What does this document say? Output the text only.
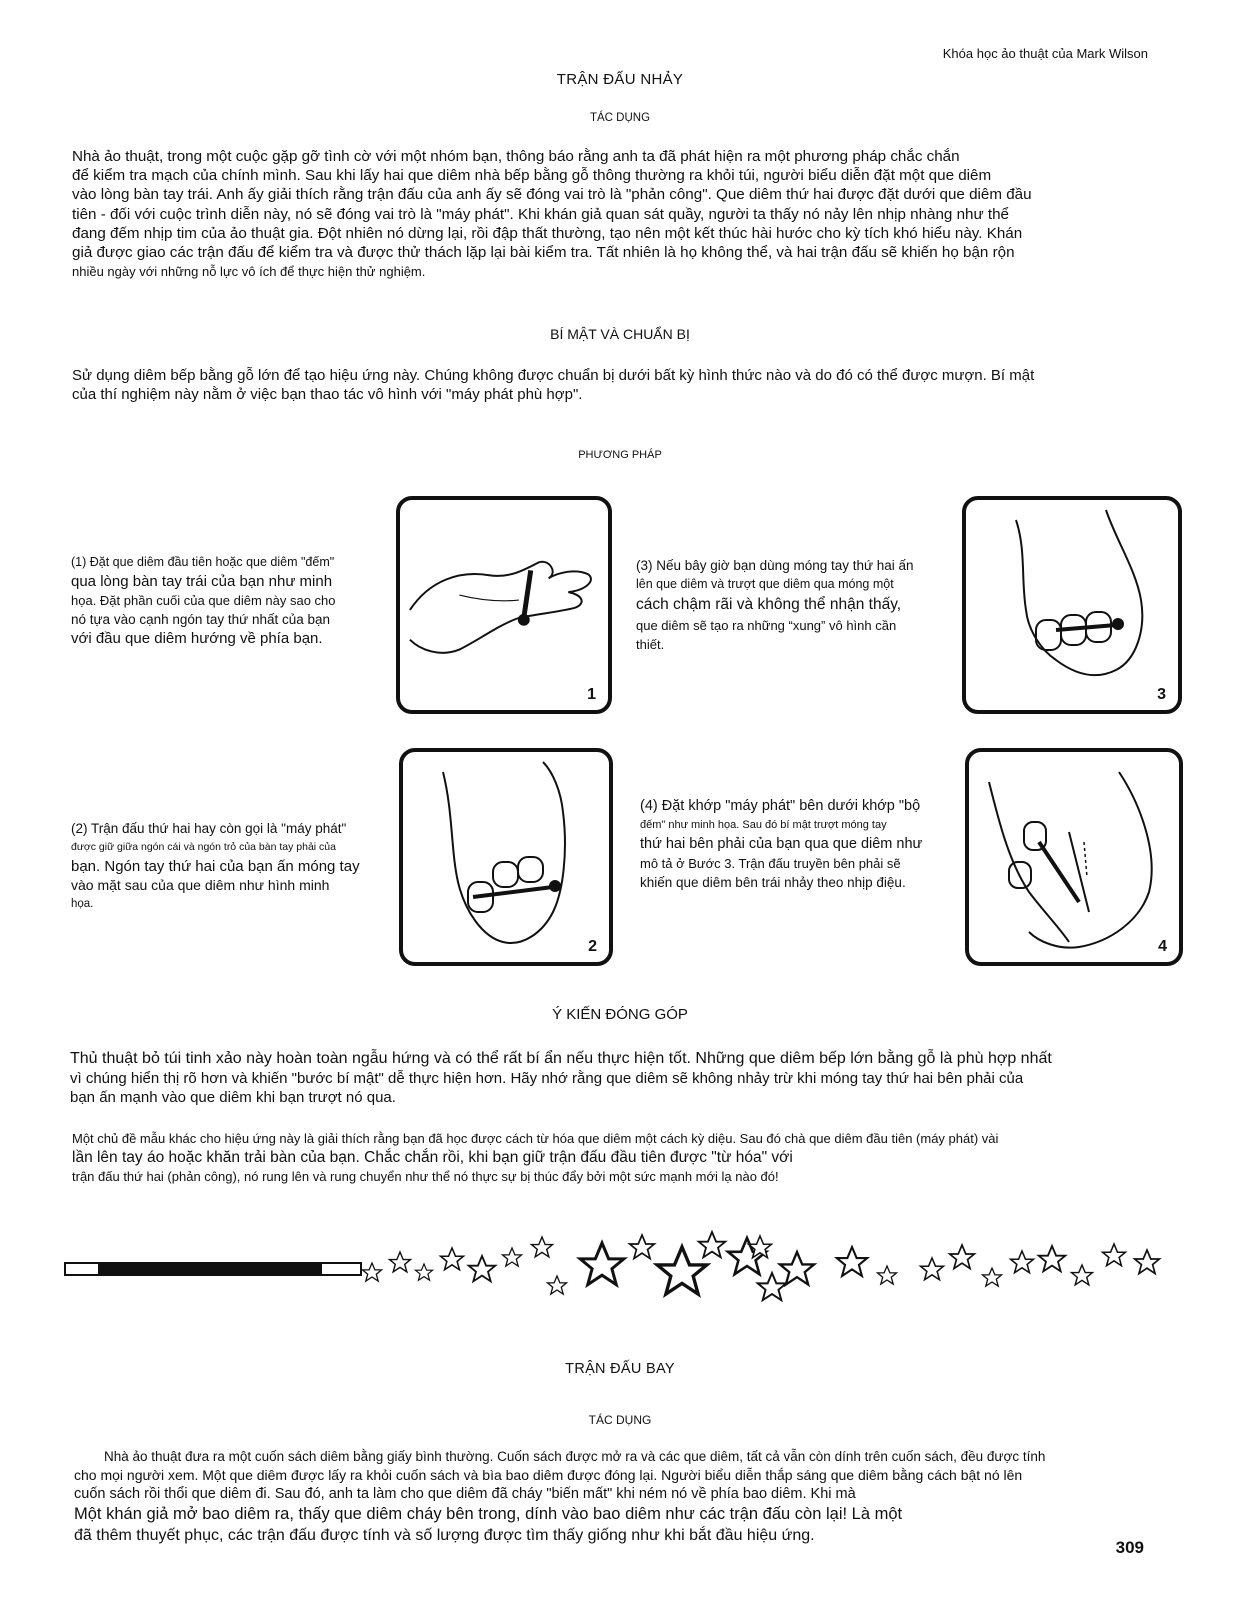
Khóa học ảo thuật của Mark Wilson
TRẬN ĐẤU NHẢY
TÁC DỤNG

Nhà ảo thuật, trong một cuộc gặp gỡ tình cờ với một nhóm bạn, thông báo rằng anh ta đã phát hiện ra một phương pháp chắc chắn

để kiểm tra mạch của chính mình. Sau khi lấy hai que diêm nhà bếp bằng gỗ thông thường ra khỏi túi, người biểu diễn đặt một que diêm

vào lòng bàn tay trái. Anh ấy giải thích rằng trận đấu của anh ấy sẽ đóng vai trò là "phản công". Que diêm thứ hai được đặt dưới que diêm đầu

tiên - đối với cuộc trình diễn này, nó sẽ đóng vai trò là "máy phát". Khi khán giả quan sát quầy, người ta thấy nó nảy lên nhịp nhàng như thể

đang đếm nhịp tim của ảo thuật gia. Đột nhiên nó dừng lại, rồi đập thất thường, tạo nên một kết thúc hài hước cho kỳ tích khó hiểu này. Khán

giả được giao các trận đấu để kiểm tra và được thử thách lặp lại bài kiểm tra. Tất nhiên là họ không thể, và hai trận đấu sẽ khiến họ bận rộn

nhiều ngày với những nỗ lực vô ích để thực hiện thử nghiệm.

BÍ MẬT VÀ CHUẨN BỊ

Sử dụng diêm bếp bằng gỗ lớn để tạo hiệu ứng này. Chúng không được chuẩn bị dưới bất kỳ hình thức nào và do đó có thể được mượn. Bí mật

của thí nghiệm này nằm ở việc bạn thao tác vô hình với "máy phát phù hợp".

PHƯƠNG PHÁP
(1) Đặt que diêm đầu tiên hoặc que diêm "đếm"
qua lòng bàn tay trái của bạn như minh
họa. Đặt phần cuối của que diêm này sao cho
nó tựa vào cạnh ngón tay thứ nhất của bạn
với đầu que diêm hướng về phía bạn.
1
(3) Nếu bây giờ bạn dùng móng tay thứ hai ấn
lên que diêm và trượt que diêm qua móng một
cách chậm rãi và không thể nhận thấy,
que diêm sẽ tạo ra những “xung” vô hình cần
thiết.
3
(2) Trận đấu thứ hai hay còn gọi là "máy phát"
được giữ giữa ngón cái và ngón trỏ của bàn tay phải của
bạn. Ngón tay thứ hai của bạn ấn móng tay
vào mặt sau của que diêm như hình minh
họa.
2
(4) Đặt khớp "máy phát" bên dưới khớp "bộ
đếm" như minh họa. Sau đó bí mật trượt móng tay
thứ hai bên phải của bạn qua que diêm như
mô tả ở Bước 3. Trận đấu truyền bên phải sẽ
khiến que diêm bên trái nhảy theo nhịp điệu.
4
Ý KIẾN ĐÓNG GÓP

Thủ thuật bỏ túi tinh xảo này hoàn toàn ngẫu hứng và có thể rất bí ẩn nếu thực hiện tốt. Những que diêm bếp lớn bằng gỗ là phù hợp nhất

vì chúng hiển thị rõ hơn và khiến "bước bí mật" dễ thực hiện hơn. Hãy nhớ rằng que diêm sẽ không nhảy trừ khi móng tay thứ hai bên phải của

bạn ấn mạnh vào que diêm khi bạn trượt nó qua.

Một chủ đề mẫu khác cho hiệu ứng này là giải thích rằng bạn đã học được cách từ hóa que diêm một cách kỳ diệu. Sau đó chà que diêm đầu tiên (máy phát) vài

lần lên tay áo hoặc khăn trải bàn của bạn. Chắc chắn rồi, khi bạn giữ trận đấu đầu tiên được "từ hóa" với

trận đấu thứ hai (phản công), nó rung lên và rung chuyển như thể nó thực sự bị thúc đẩy bởi một sức mạnh mới lạ nào đó!

TRẬN ĐẤU BAY
TÁC DỤNG

Nhà ảo thuật đưa ra một cuốn sách diêm bằng giấy bình thường. Cuốn sách được mở ra và các que diêm, tất cả vẫn còn dính trên cuốn sách, đều được tính

cho mọi người xem. Một que diêm được lấy ra khỏi cuốn sách và bìa bao diêm được đóng lại. Người biểu diễn thắp sáng que diêm bằng cách bật nó lên

cuốn sách rồi thổi que diêm đi. Sau đó, anh ta làm cho que diêm đã cháy "biến mất" khi ném nó về phía bao diêm. Khi mà

Một khán giả mở bao diêm ra, thấy que diêm cháy bên trong, dính vào bao diêm như các trận đấu còn lại! Là một

đã thêm thuyết phục, các trận đấu được tính và số lượng được tìm thấy giống như khi bắt đầu hiệu ứng.

309
